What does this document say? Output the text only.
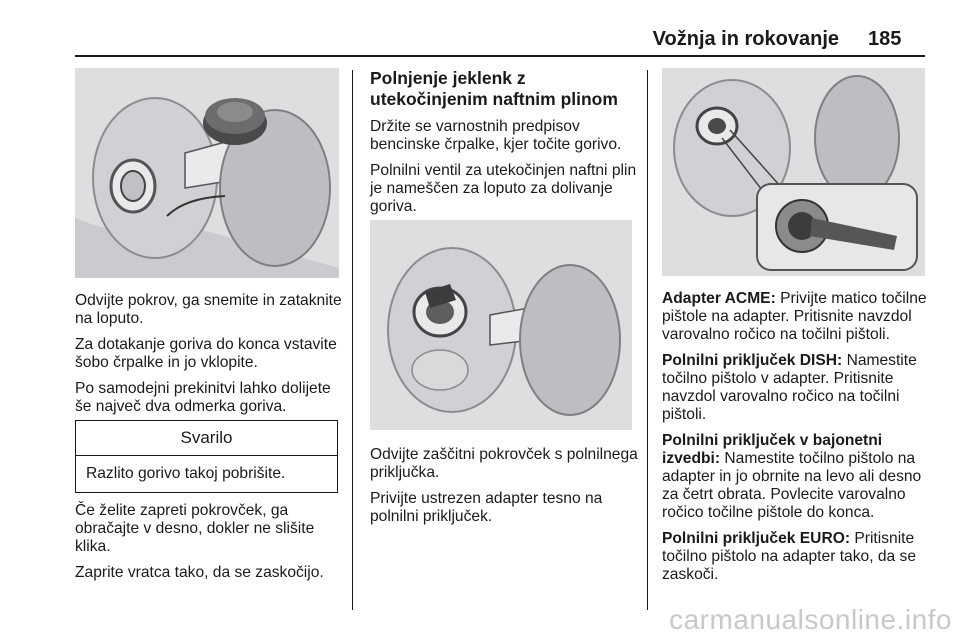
Vožnja in rokovanje 185

Odvijte pokrov, ga snemite in zataknite na loputo.

Za dotakanje goriva do konca vstavite šobo črpalke in jo vklopite.

Po samodejni prekinitvi lahko dolijete še največ dva odmerka goriva.

Svarilo
Razlito gorivo takoj pobrišite.

Če želite zapreti pokrovček, ga obračajte v desno, dokler ne slišite klika.

Zaprite vratca tako, da se zaskočijo.

Polnjenje jeklenk z utekočinjenim naftnim plinom

Držite se varnostnih predpisov bencinske črpalke, kjer točite gorivo.

Polnilni ventil za utekočinjen naftni plin je nameščen za loputo za dolivanje goriva.

Odvijte zaščitni pokrovček s polnilnega priključka.

Privijte ustrezen adapter tesno na polnilni priključek.

Adapter ACME: Privijte matico točilne pištole na adapter. Pritisnite navzdol varovalno ročico na točilni pištoli.

Polnilni priključek DISH: Namestite točilno pištolo v adapter. Pritisnite navzdol varovalno ročico na točilni pištoli.

Polnilni priključek v bajonetni izvedbi: Namestite točilno pištolo na adapter in jo obrnite na levo ali desno za četrt obrata. Povlecite varovalno ročico točilne pištole do konca.

Polnilni priključek EURO: Pritisnite točilno pištolo na adapter tako, da se zaskoči.

carmanualsonline.info
